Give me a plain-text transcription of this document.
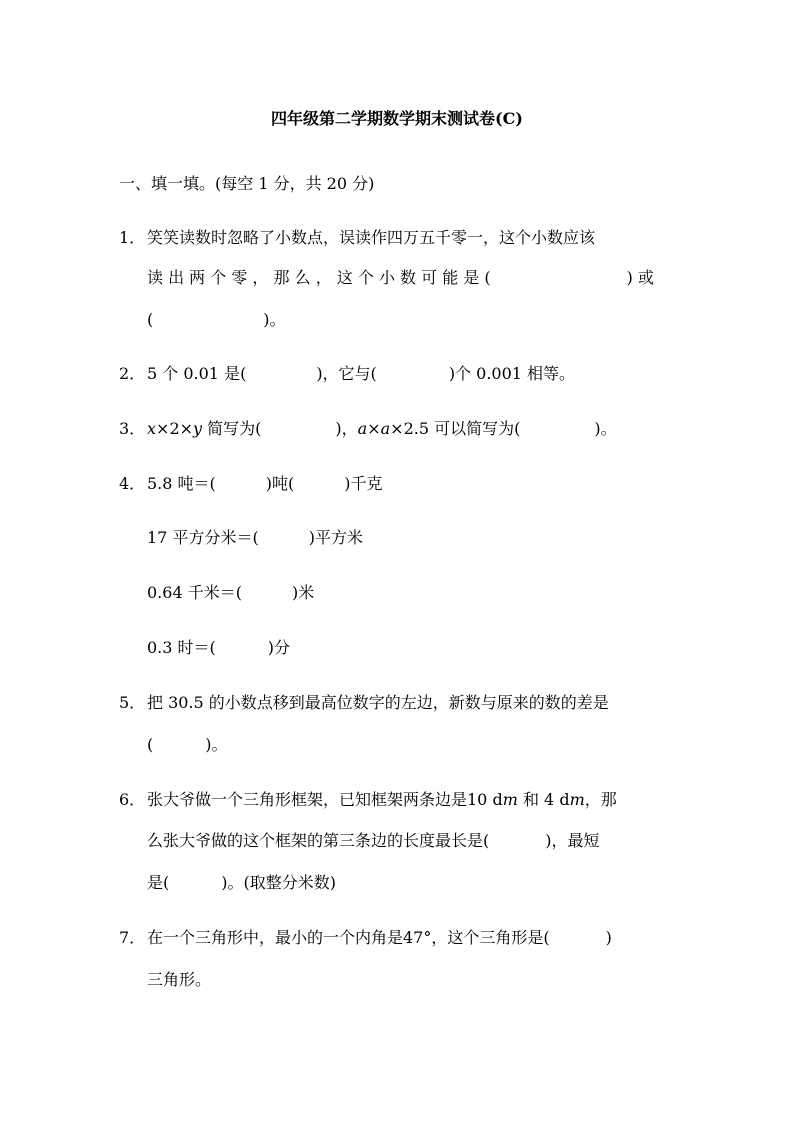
四年级第二学期数学期末测试卷(C)
一、填一填。(每空 1 分，共 20 分)
1． 笑笑读数时忽略了小数点，误读作四万五千零一，这个小数应该
读 出 两 个 零 ， 那 么 ， 这 个 小 数 可 能 是 (	) 或
(	)。
2． 5 个 0.01 是(	)，它与(	)个 0.001 相等。
3． x×2×y 简写为(	)，a×a×2.5 可以简写为(	)。
4． 5.8 吨＝(	)吨(	)千克
17 平方分米＝(	)平方米
0.64 千米＝(	)米
0.3 时＝(	)分
5． 把 30.5 的小数点移到最高位数字的左边，新数与原来的数的差是
(	)。
6． 张大爷做一个三角形框架，已知框架两条边是10 dm 和 4 dm，那
么张大爷做的这个框架的第三条边的长度最长是(	)，最短
是(	)。(取整分米数)
7． 在一个三角形中，最小的一个内角是47°，这个三角形是(	)
三角形。
